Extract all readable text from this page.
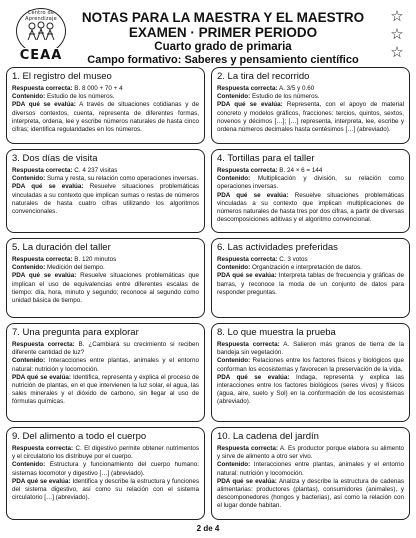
Centro de Aprendizaje
CEAA
NOTAS PARA LA MAESTRA Y EL MAESTRO
EXAMEN · PRIMER PERIODO
Cuarto grado de primaria
Campo formativo: Saberes y pensamiento científico
☆
☆
☆
1. El registro del museo

Respuesta correcta: B. 8 000 + 70 + 4

Contenido: Estudio de los números.

PDA qué se evalúa: A través de situaciones cotidianas y de diversos contextos, cuenta, representa de diferentes formas, interpreta, ordena, lee y escribe números naturales de hasta cinco cifras; identifica regularidades en los números.

2. La tira del recorrido

Respuesta correcta: A. 3/5 y 0.60

Contenido: Estudio de los números.

PDA qué se evalúa: Representa, con el apoyo de material concreto y modelos gráficos, fracciones: tercios, quintos, sextos, novenos y décimos […]; […] representa, interpreta, lee, escribe y ordena números decimales hasta centésimos […] (abreviado).

3. Dos días de visita

Respuesta correcta: C. 4 237 visitas

Contenido: Suma y resta, su relación como operaciones inversas.

PDA qué se evalúa: Resuelve situaciones problemáticas vinculadas a su contexto que implican sumas o restas de números naturales de hasta cuatro cifras utilizando los algoritmos convencionales.

4. Tortillas para el taller

Respuesta correcta: B. 24 × 6 = 144

Contenido: Multiplicación y división, su relación como operaciones inversas.

PDA qué se evalúa: Resuelve situaciones problemáticas vinculadas a su contexto que implican multiplicaciones de números naturales de hasta tres por dos cifras, a partir de diversas descomposiciones aditivas y el algoritmo convencional.

5. La duración del taller

Respuesta correcta: B. 120 minutos

Contenido: Medición del tiempo.

PDA qué se evalúa: Resuelve situaciones problemáticas que implican el uso de equivalencias entre diferentes escalas de tiempo: día, hora, minuto y segundo; reconoce al segundo como unidad básica de tiempo.

6. Las actividades preferidas

Respuesta correcta: C. 3 votos

Contenido: Organización e interpretación de datos.

PDA qué se evalúa: Interpreta tablas de frecuencia y gráficas de barras, y reconoce la moda de un conjunto de datos para responder preguntas.

7. Una pregunta para explorar

Respuesta correcta: B. ¿Cambiará su crecimiento si reciben diferente cantidad de luz?

Contenido: Interacciones entre plantas, animales y el entorno natural: nutrición y locomoción.

PDA qué se evalúa: Identifica, representa y explica el proceso de nutrición de plantas, en el que intervienen la luz solar, el agua, las sales minerales y el dióxido de carbono, sin llegar al uso de fórmulas químicas.

8. Lo que muestra la prueba

Respuesta correcta: A. Salieron más granos de tierra de la bandeja sin vegetación.

Contenido: Relaciones entre los factores físicos y biológicos que conforman los ecosistemas y favorecen la preservación de la vida.

PDA qué se evalúa: Indaga, representa y explica las interacciones entre los factores biológicos (seres vivos) y físicos (agua, aire, suelo y Sol) en la conformación de los ecosistemas (abreviado).

9. Del alimento a todo el cuerpo

Respuesta correcta: C. El digestivo permite obtener nutrimentos y el circulatorio los distribuye por el cuerpo.

Contenido: Estructura y funcionamiento del cuerpo humano: sistemas locomotor y digestivo […] (abreviado).

PDA qué se evalúa: Identifica y describe la estructura y funciones del sistema digestivo, así como su relación con el sistema circulatorio […] (abreviado).

10. La cadena del jardín

Respuesta correcta: A. Es productor porque elabora su alimento y sirve de alimento a otro ser vivo.

Contenido: Interacciones entre plantas, animales y el entorno natural: nutrición y locomoción.

PDA qué se evalúa: Analiza y describe la estructura de cadenas alimentarias: productores (plantas), consumidores (animales), y descomponedores (hongos y bacterias), así como la relación con el lugar donde habitan.

2 de 4
